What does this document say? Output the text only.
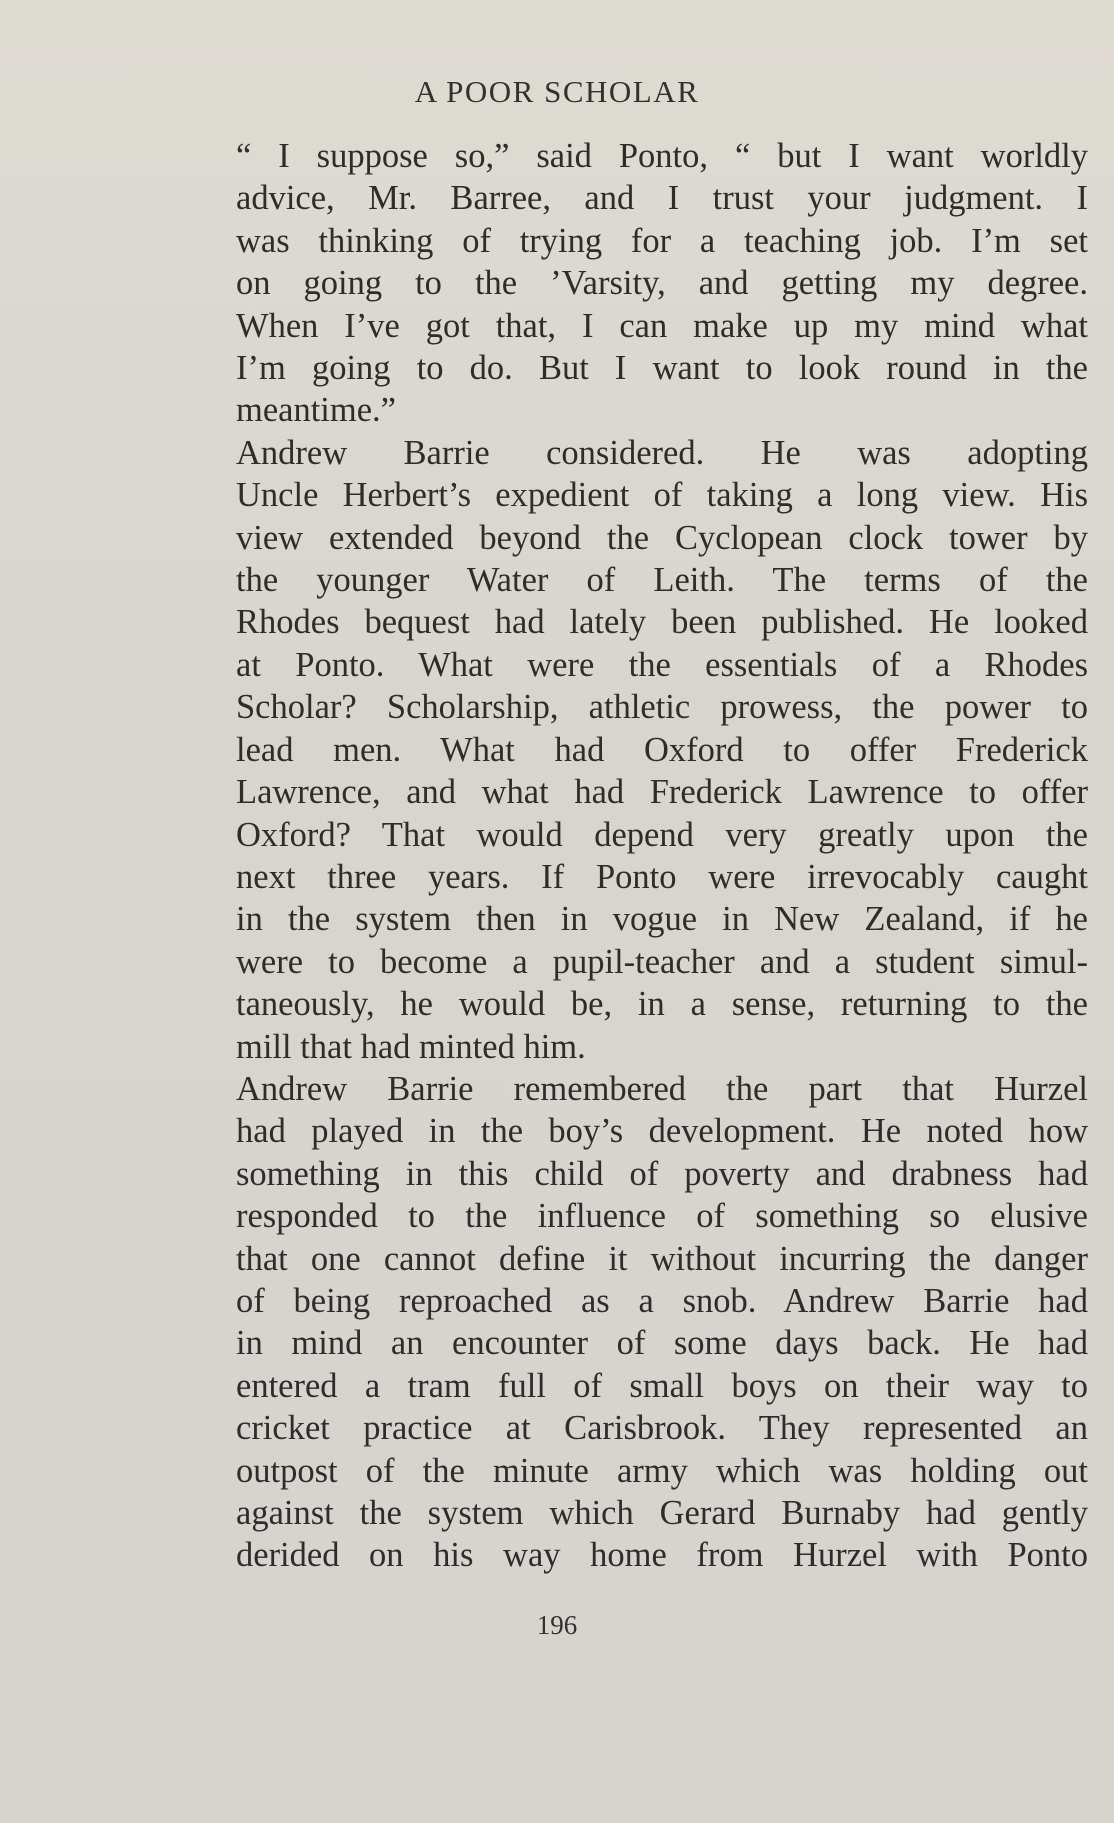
A POOR SCHOLAR

“ I suppose so,” said Ponto, “ but I want worldly
advice, Mr. Barree, and I trust your judgment. I
was thinking of trying for a teaching job. I’m set
on going to the ’Varsity, and getting my degree.
When I’ve got that, I can make up my mind what
I’m going to do. But I want to look round in the
meantime.”

Andrew Barrie considered. He was adopting
Uncle Herbert’s expedient of taking a long view. His
view extended beyond the Cyclopean clock tower by
the younger Water of Leith. The terms of the
Rhodes bequest had lately been published. He looked
at Ponto. What were the essentials of a Rhodes
Scholar? Scholarship, athletic prowess, the power to
lead men. What had Oxford to offer Frederick
Lawrence, and what had Frederick Lawrence to offer
Oxford? That would depend very greatly upon the
next three years. If Ponto were irrevocably caught
in the system then in vogue in New Zealand, if he
were to become a pupil-teacher and a student simul-
taneously, he would be, in a sense, returning to the
mill that had minted him.

Andrew Barrie remembered the part that Hurzel
had played in the boy’s development. He noted how
something in this child of poverty and drabness had
responded to the influence of something so elusive
that one cannot define it without incurring the danger
of being reproached as a snob. Andrew Barrie had
in mind an encounter of some days back. He had
entered a tram full of small boys on their way to
cricket practice at Carisbrook. They represented an
outpost of the minute army which was holding out
against the system which Gerard Burnaby had gently
derided on his way home from Hurzel with Ponto

196
